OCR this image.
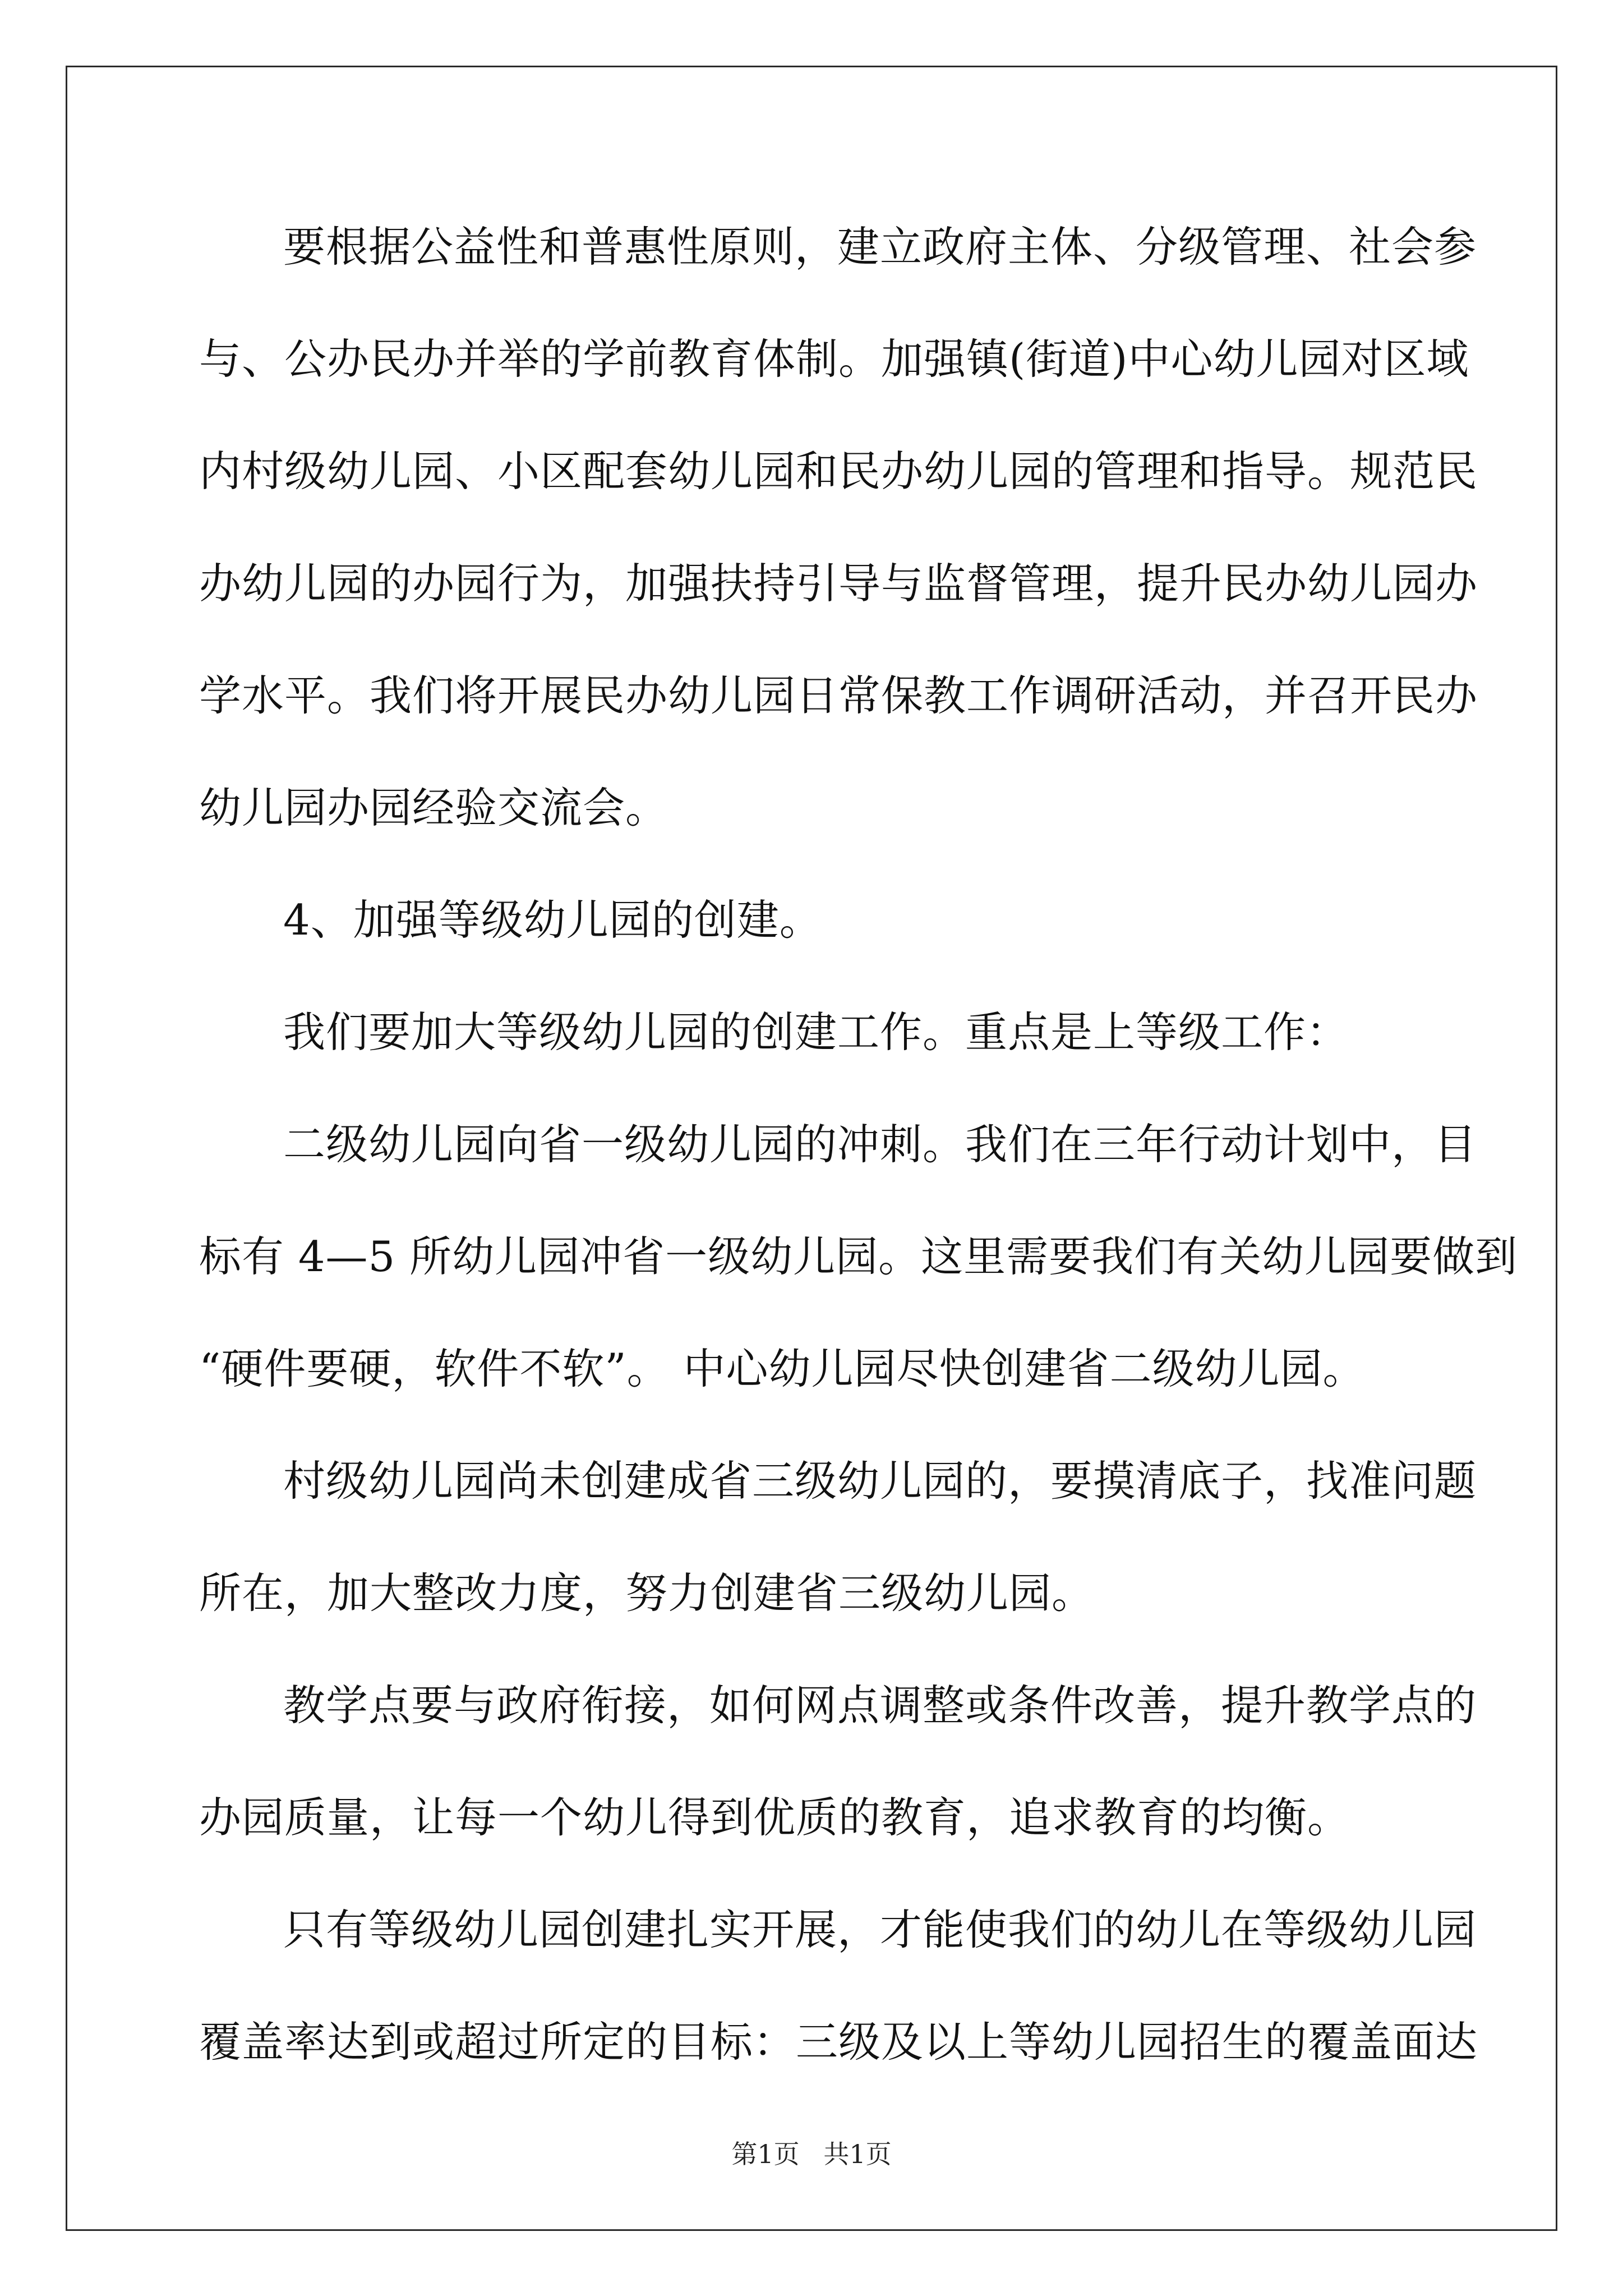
要根据公益性和普惠性原则，建立政府主体、分级管理、社会参
与、公办民办并举的学前教育体制。加强镇(街道)中心幼儿园对区域
内村级幼儿园、小区配套幼儿园和民办幼儿园的管理和指导。规范民
办幼儿园的办园行为，加强扶持引导与监督管理，提升民办幼儿园办
学水平。我们将开展民办幼儿园日常保教工作调研活动，并召开民办
幼儿园办园经验交流会。
4、加强等级幼儿园的创建。
我们要加大等级幼儿园的创建工作。重点是上等级工作：
二级幼儿园向省一级幼儿园的冲刺。我们在三年行动计划中，目
标有 4—5 所幼儿园冲省一级幼儿园。这里需要我们有关幼儿园要做到
“硬件要硬，软件不软”。 中心幼儿园尽快创建省二级幼儿园。
村级幼儿园尚未创建成省三级幼儿园的，要摸清底子，找准问题
所在，加大整改力度，努力创建省三级幼儿园。
教学点要与政府衔接，如何网点调整或条件改善，提升教学点的
办园质量，让每一个幼儿得到优质的教育，追求教育的均衡。
只有等级幼儿园创建扎实开展，才能使我们的幼儿在等级幼儿园
覆盖率达到或超过所定的目标：三级及以上等幼儿园招生的覆盖面达
第1页 共1页
